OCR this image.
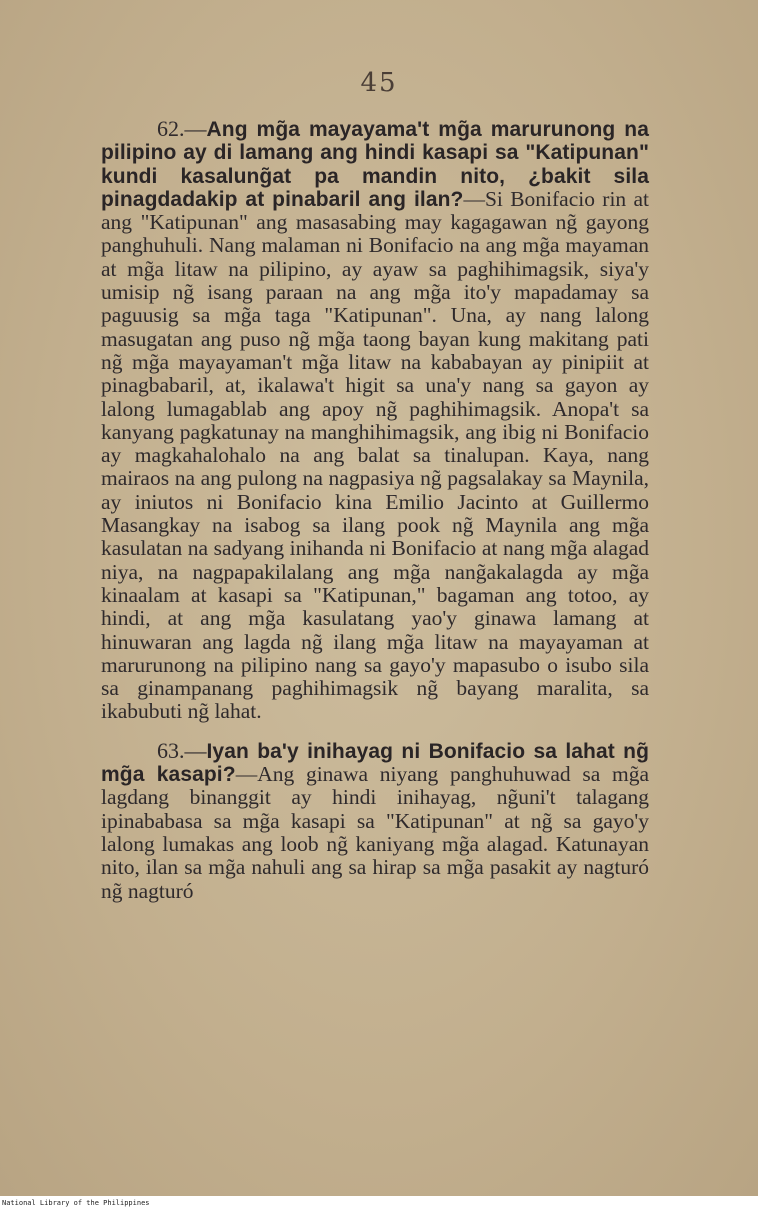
45

62.—Ang mg̃a mayayama't mg̃a marurunong na pilipino ay di lamang ang hindi kasapi sa "Katipunan" kundi kasalung̃at pa mandin nito, ¿bakit sila pinagdadakip at pinabaril ang ilan?—Si Bonifacio rin at ang "Katipunan" ang masasabing may kagagawan ng̃ gayong panghuhuli. Nang malaman ni Bonifacio na ang mg̃a mayaman at mg̃a litaw na pilipino, ay ayaw sa paghihimagsik, siya'y umisip ng̃ isang paraan na ang mg̃a ito'y mapadamay sa paguusig sa mg̃a taga "Katipunan". Una, ay nang lalong masugatan ang puso ng̃ mg̃a taong bayan kung makitang pati ng̃ mg̃a mayayaman't mg̃a litaw na kababayan ay pinipiit at pinagbabaril, at, ikalawa't higit sa una'y nang sa gayon ay lalong lumagablab ang apoy ng̃ paghihimagsik. Anopa't sa kanyang pagkatunay na manghihimagsik, ang ibig ni Bonifacio ay magkahalohalo na ang balat sa tinalupan. Kaya, nang mairaos na ang pulong na nagpasiya ng̃ pagsalakay sa Maynila, ay iniutos ni Bonifacio kina Emilio Jacinto at Guillermo Masangkay na isabog sa ilang pook ng̃ Maynila ang mg̃a kasulatan na sadyang inihanda ni Bonifacio at nang mg̃a alagad niya, na nagpapakilalang ang mg̃a nang̃akalagda ay mg̃a kinaalam at kasapi sa "Katipunan," bagaman ang totoo, ay hindi, at ang mg̃a kasulatang yao'y ginawa lamang at hinuwaran ang lagda ng̃ ilang mg̃a litaw na mayayaman at marurunong na pilipino nang sa gayo'y mapasubo o isubo sila sa ginampanang paghihimagsik ng̃ bayang maralita, sa ikabubuti ng̃ lahat.

63.—Iyan ba'y inihayag ni Bonifacio sa lahat ng̃ mg̃a kasapi?—Ang ginawa niyang panghuhuwad sa mg̃a lagdang binanggit ay hindi inihayag, ng̃uni't talagang ipinababasa sa mg̃a kasapi sa "Katipunan" at ng̃ sa gayo'y lalong lumakas ang loob ng̃ kaniyang mg̃a alagad. Katunayan nito, ilan sa mg̃a nahuli ang sa hirap sa mg̃a pasakit ay nagturó ng̃ nagturó

National Library of the Philippines
